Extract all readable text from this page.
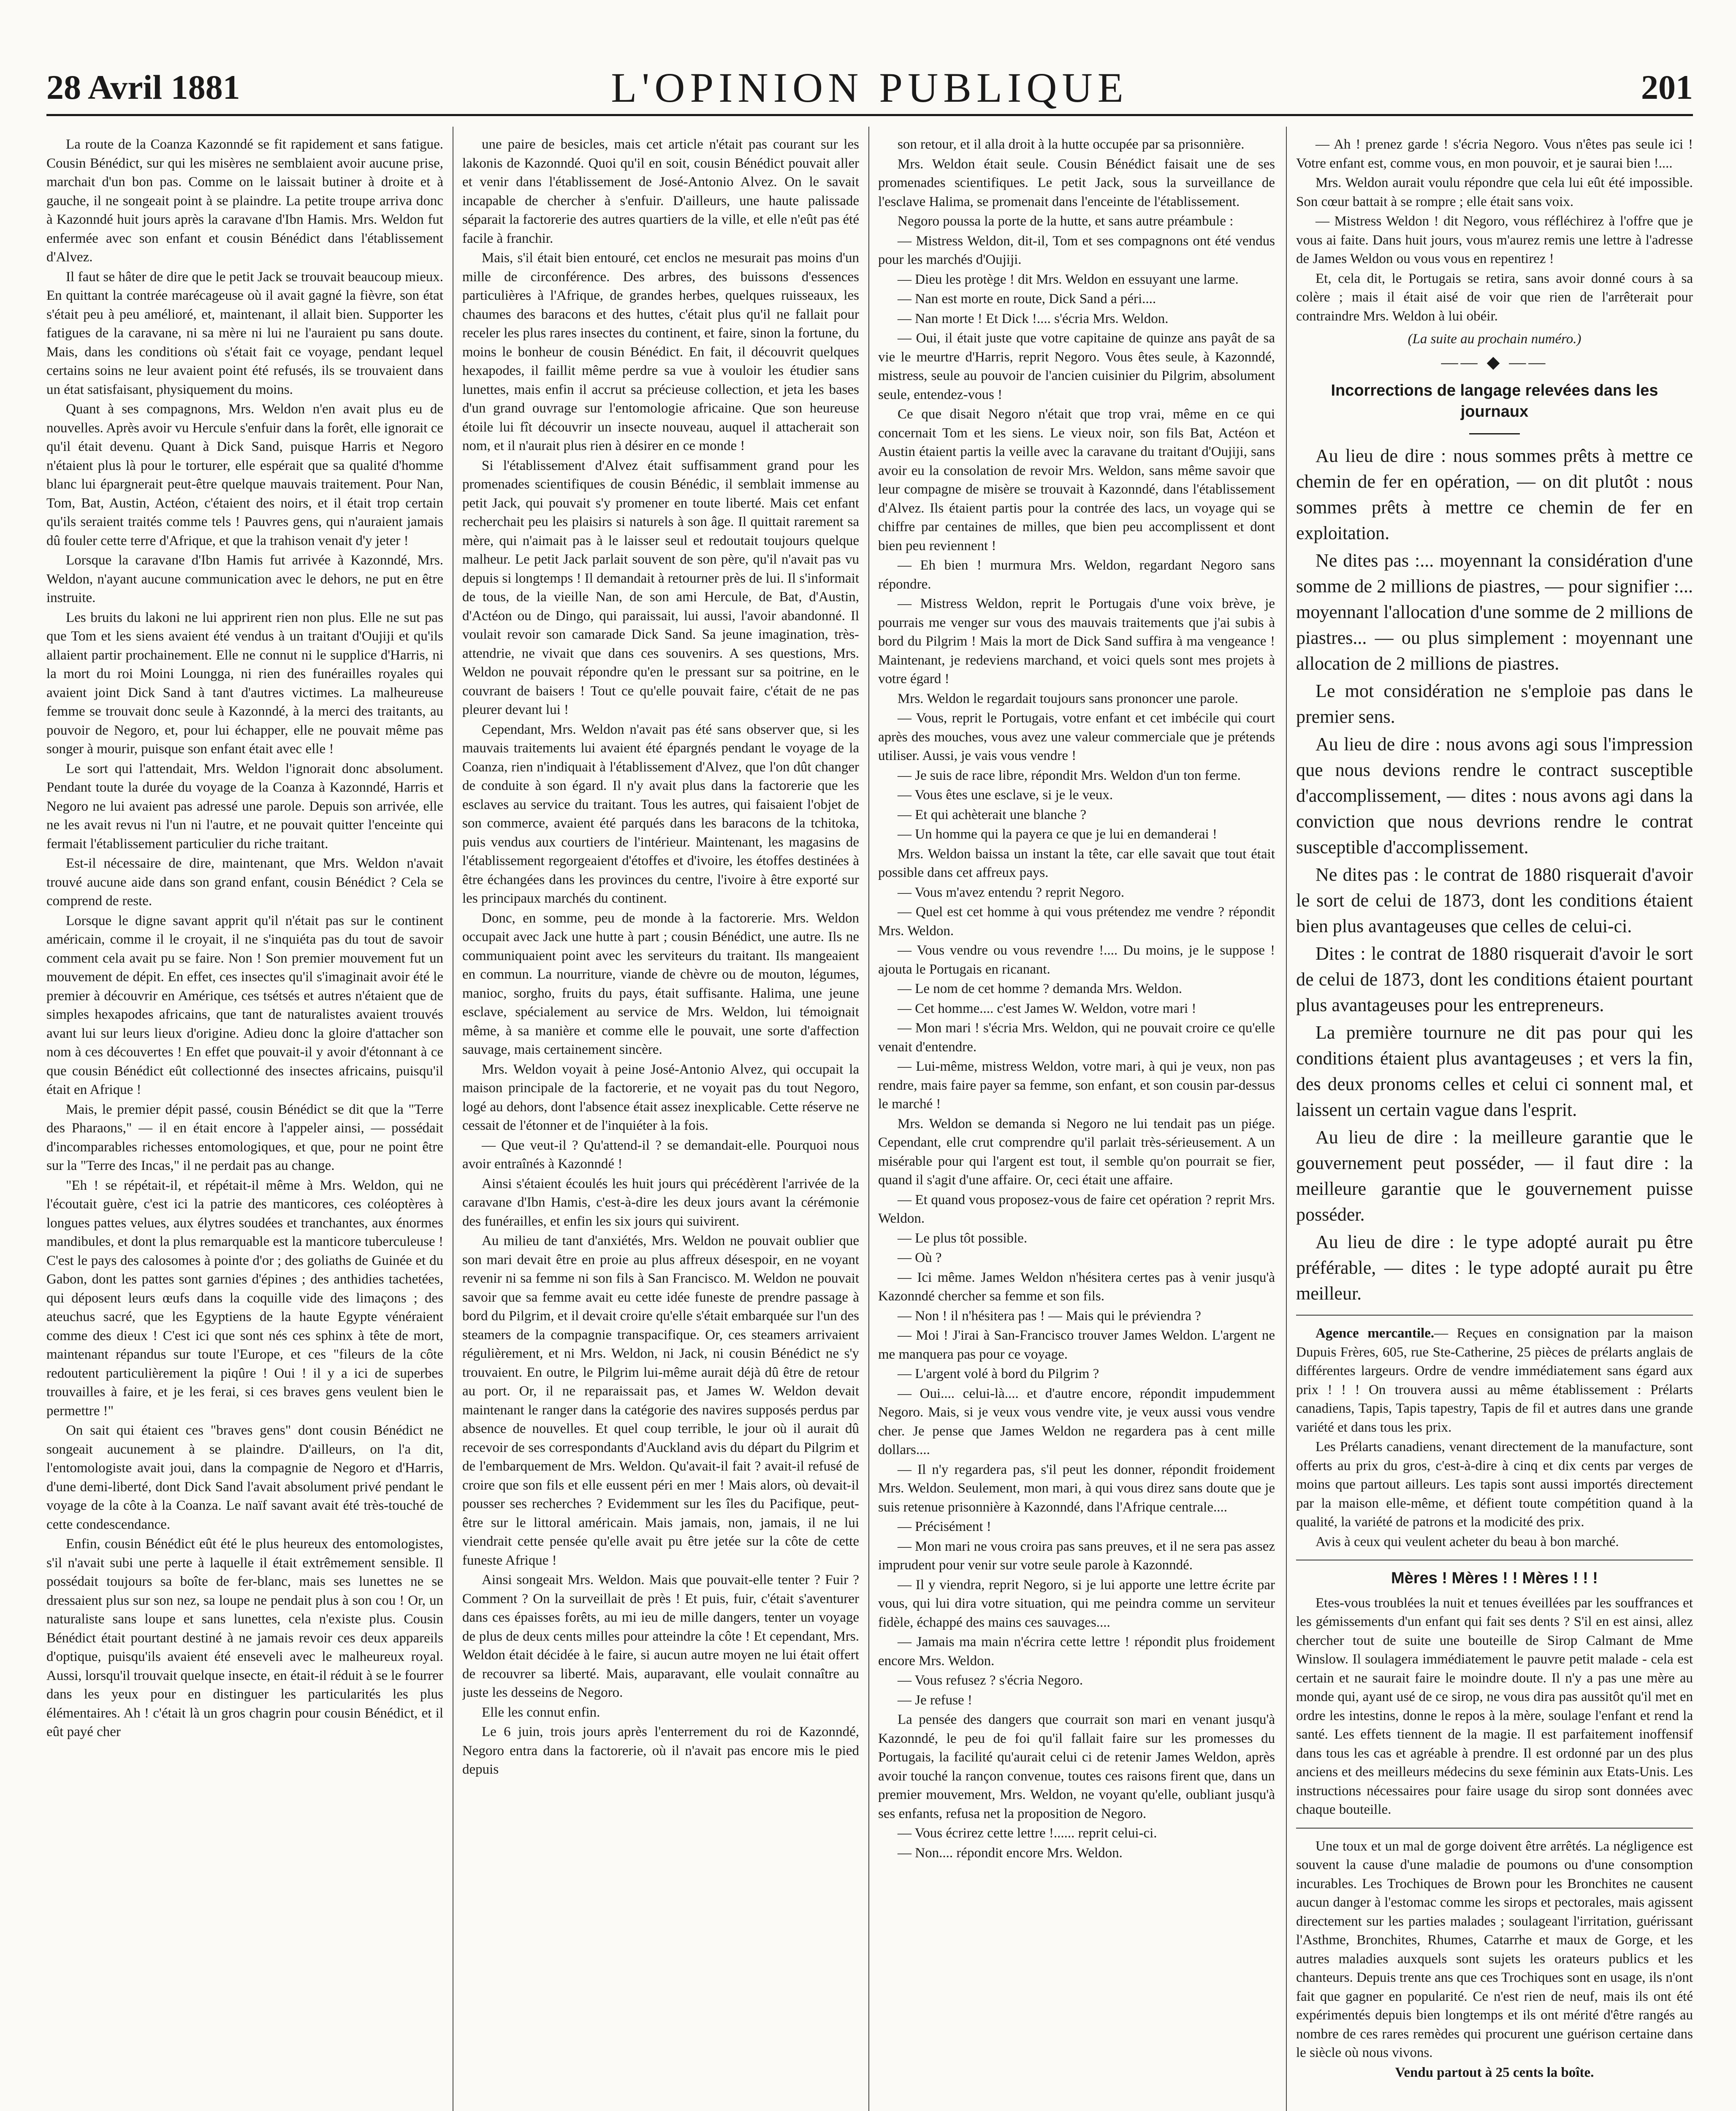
28 Avril 1881	L'OPINION PUBLIQUE	201

La route de la Coanza Kazonndé se fit rapidement et sans fatigue. Cousin Bénédict, sur qui les misères ne semblaient avoir aucune prise, marchait d'un bon pas. Comme on le laissait butiner à droite et à gauche, il ne songeait point à se plaindre. La petite troupe arriva donc à Kazonndé huit jours après la caravane d'Ibn Hamis. Mrs. Weldon fut enfermée avec son enfant et cousin Bénédict dans l'établissement d'Alvez.

Il faut se hâter de dire que le petit Jack se trouvait beaucoup mieux. En quittant la contrée marécageuse où il avait gagné la fièvre, son état s'était peu à peu amélioré, et, maintenant, il allait bien. Supporter les fatigues de la caravane, ni sa mère ni lui ne l'auraient pu sans doute. Mais, dans les conditions où s'était fait ce voyage, pendant lequel certains soins ne leur avaient point été refusés, ils se trouvaient dans un état satisfaisant, physiquement du moins.

Quant à ses compagnons, Mrs. Weldon n'en avait plus eu de nouvelles. Après avoir vu Hercule s'enfuir dans la forêt, elle ignorait ce qu'il était devenu. Quant à Dick Sand, puisque Harris et Negoro n'étaient plus là pour le torturer, elle espérait que sa qualité d'homme blanc lui épargnerait peut-être quelque mauvais traitement. Pour Nan, Tom, Bat, Austin, Actéon, c'étaient des noirs, et il était trop certain qu'ils seraient traités comme tels ! Pauvres gens, qui n'auraient jamais dû fouler cette terre d'Afrique, et que la trahison venait d'y jeter !

Lorsque la caravane d'Ibn Hamis fut arrivée à Kazonndé, Mrs. Weldon, n'ayant aucune communication avec le dehors, ne put en être instruite.

Les bruits du lakoni ne lui apprirent rien non plus. Elle ne sut pas que Tom et les siens avaient été vendus à un traitant d'Oujiji et qu'ils allaient partir prochainement. Elle ne connut ni le supplice d'Harris, ni la mort du roi Moini Loungga, ni rien des funérailles royales qui avaient joint Dick Sand à tant d'autres victimes. La malheureuse femme se trouvait donc seule à Kazonndé, à la merci des traitants, au pouvoir de Negoro, et, pour lui échapper, elle ne pouvait même pas songer à mourir, puisque son enfant était avec elle !

Le sort qui l'attendait, Mrs. Weldon l'ignorait donc absolument. Pendant toute la durée du voyage de la Coanza à Kazonndé, Harris et Negoro ne lui avaient pas adressé une parole. Depuis son arrivée, elle ne les avait revus ni l'un ni l'autre, et ne pouvait quitter l'enceinte qui fermait l'établissement particulier du riche traitant.

Est-il nécessaire de dire, maintenant, que Mrs. Weldon n'avait trouvé aucune aide dans son grand enfant, cousin Bénédict ? Cela se comprend de reste.

Lorsque le digne savant apprit qu'il n'était pas sur le continent américain, comme il le croyait, il ne s'inquiéta pas du tout de savoir comment cela avait pu se faire. Non ! Son premier mouvement fut un mouvement de dépit. En effet, ces insectes qu'il s'imaginait avoir été le premier à découvrir en Amérique, ces tsétsés et autres n'étaient que de simples hexapodes africains, que tant de naturalistes avaient trouvés avant lui sur leurs lieux d'origine. Adieu donc la gloire d'attacher son nom à ces découvertes ! En effet que pouvait-il y avoir d'étonnant à ce que cousin Bénédict eût collectionné des insectes africains, puisqu'il était en Afrique !

Mais, le premier dépit passé, cousin Bénédict se dit que la "Terre des Pharaons," — il en était encore à l'appeler ainsi, — possédait d'incomparables richesses entomologiques, et que, pour ne point être sur la "Terre des Incas," il ne perdait pas au change.

"Eh ! se répétait-il, et répétait-il même à Mrs. Weldon, qui ne l'écoutait guère, c'est ici la patrie des manticores, ces coléoptères à longues pattes velues, aux élytres soudées et tranchantes, aux énormes mandibules, et dont la plus remarquable est la manticore tuberculeuse ! C'est le pays des calosomes à pointe d'or ; des goliaths de Guinée et du Gabon, dont les pattes sont garnies d'épines ; des anthidies tachetées, qui déposent leurs œufs dans la coquille vide des limaçons ; des ateuchus sacré, que les Egyptiens de la haute Egypte vénéraient comme des dieux ! C'est ici que sont nés ces sphinx à tête de mort, maintenant répandus sur toute l'Europe, et ces "fileurs de la côte redoutent particulièrement la piqûre ! Oui ! il y a ici de superbes trouvailles à faire, et je les ferai, si ces braves gens veulent bien le permettre !"

On sait qui étaient ces "braves gens" dont cousin Bénédict ne songeait aucunement à se plaindre. D'ailleurs, on l'a dit, l'entomologiste avait joui, dans la compagnie de Negoro et d'Harris, d'une demi-liberté, dont Dick Sand l'avait absolument privé pendant le voyage de la côte à la Coanza. Le naïf savant avait été très-touché de cette condescendance.

Enfin, cousin Bénédict eût été le plus heureux des entomologistes, s'il n'avait subi une perte à laquelle il était extrêmement sensible. Il possédait toujours sa boîte de fer-blanc, mais ses lunettes ne se dressaient plus sur son nez, sa loupe ne pendait plus à son cou ! Or, un naturaliste sans loupe et sans lunettes, cela n'existe plus. Cousin Bénédict était pourtant destiné à ne jamais revoir ces deux appareils d'optique, puisqu'ils avaient été enseveli avec le malheureux royal. Aussi, lorsqu'il trouvait quelque insecte, en était-il réduit à se le fourrer dans les yeux pour en distinguer les particularités les plus élémentaires. Ah ! c'était là un gros chagrin pour cousin Bénédict, et il eût payé cher

une paire de besicles, mais cet article n'était pas courant sur les lakonis de Kazonndé. Quoi qu'il en soit, cousin Bénédict pouvait aller et venir dans l'établissement de José-Antonio Alvez. On le savait incapable de chercher à s'enfuir. D'ailleurs, une haute palissade séparait la factorerie des autres quartiers de la ville, et elle n'eût pas été facile à franchir.

Mais, s'il était bien entouré, cet enclos ne mesurait pas moins d'un mille de circonférence. Des arbres, des buissons d'essences particulières à l'Afrique, de grandes herbes, quelques ruisseaux, les chaumes des baracons et des huttes, c'était plus qu'il ne fallait pour receler les plus rares insectes du continent, et faire, sinon la fortune, du moins le bonheur de cousin Bénédict. En fait, il découvrit quelques hexapodes, il faillit même perdre sa vue à vouloir les étudier sans lunettes, mais enfin il accrut sa précieuse collection, et jeta les bases d'un grand ouvrage sur l'entomologie africaine. Que son heureuse étoile lui fît découvrir un insecte nouveau, auquel il attacherait son nom, et il n'aurait plus rien à désirer en ce monde !

Si l'établissement d'Alvez était suffisamment grand pour les promenades scientifiques de cousin Bénédic, il semblait immense au petit Jack, qui pouvait s'y promener en toute liberté. Mais cet enfant recherchait peu les plaisirs si naturels à son âge. Il quittait rarement sa mère, qui n'aimait pas à le laisser seul et redoutait toujours quelque malheur. Le petit Jack parlait souvent de son père, qu'il n'avait pas vu depuis si longtemps ! Il demandait à retourner près de lui. Il s'informait de tous, de la vieille Nan, de son ami Hercule, de Bat, d'Austin, d'Actéon ou de Dingo, qui paraissait, lui aussi, l'avoir abandonné. Il voulait revoir son camarade Dick Sand. Sa jeune imagination, très-attendrie, ne vivait que dans ces souvenirs. A ses questions, Mrs. Weldon ne pouvait répondre qu'en le pressant sur sa poitrine, en le couvrant de baisers ! Tout ce qu'elle pouvait faire, c'était de ne pas pleurer devant lui !

Cependant, Mrs. Weldon n'avait pas été sans observer que, si les mauvais traitements lui avaient été épargnés pendant le voyage de la Coanza, rien n'indiquait à l'établissement d'Alvez, que l'on dût changer de conduite à son égard. Il n'y avait plus dans la factorerie que les esclaves au service du traitant. Tous les autres, qui faisaient l'objet de son commerce, avaient été parqués dans les baracons de la tchitoka, puis vendus aux courtiers de l'intérieur. Maintenant, les magasins de l'établissement regorgeaient d'étoffes et d'ivoire, les étoffes destinées à être échangées dans les provinces du centre, l'ivoire à être exporté sur les principaux marchés du continent.

Donc, en somme, peu de monde à la factorerie. Mrs. Weldon occupait avec Jack une hutte à part ; cousin Bénédict, une autre. Ils ne communiquaient point avec les serviteurs du traitant. Ils mangeaient en commun. La nourriture, viande de chèvre ou de mouton, légumes, manioc, sorgho, fruits du pays, était suffisante. Halima, une jeune esclave, spécialement au service de Mrs. Weldon, lui témoignait même, à sa manière et comme elle le pouvait, une sorte d'affection sauvage, mais certainement sincère.

Mrs. Weldon voyait à peine José-Antonio Alvez, qui occupait la maison principale de la factorerie, et ne voyait pas du tout Negoro, logé au dehors, dont l'absence était assez inexplicable. Cette réserve ne cessait de l'étonner et de l'inquiéter à la fois.

— Que veut-il ? Qu'attend-il ? se demandait-elle. Pourquoi nous avoir entraînés à Kazonndé !

Ainsi s'étaient écoulés les huit jours qui précédèrent l'arrivée de la caravane d'Ibn Hamis, c'est-à-dire les deux jours avant la cérémonie des funérailles, et enfin les six jours qui suivirent.

Au milieu de tant d'anxiétés, Mrs. Weldon ne pouvait oublier que son mari devait être en proie au plus affreux désespoir, en ne voyant revenir ni sa femme ni son fils à San Francisco. M. Weldon ne pouvait savoir que sa femme avait eu cette idée funeste de prendre passage à bord du Pilgrim, et il devait croire qu'elle s'était embarquée sur l'un des steamers de la compagnie transpacifique. Or, ces steamers arrivaient régulièrement, et ni Mrs. Weldon, ni Jack, ni cousin Bénédict ne s'y trouvaient. En outre, le Pilgrim lui-même aurait déjà dû être de retour au port. Or, il ne reparaissait pas, et James W. Weldon devait maintenant le ranger dans la catégorie des navires supposés perdus par absence de nouvelles. Et quel coup terrible, le jour où il aurait dû recevoir de ses correspondants d'Auckland avis du départ du Pilgrim et de l'embarquement de Mrs. Weldon. Qu'avait-il fait ? avait-il refusé de croire que son fils et elle eussent péri en mer ! Mais alors, où devait-il pousser ses recherches ? Evidemment sur les îles du Pacifique, peut-être sur le littoral américain. Mais jamais, non, jamais, il ne lui viendrait cette pensée qu'elle avait pu être jetée sur la côte de cette funeste Afrique !

Ainsi songeait Mrs. Weldon. Mais que pouvait-elle tenter ? Fuir ? Comment ? On la surveillait de près ! Et puis, fuir, c'était s'aventurer dans ces épaisses forêts, au mi ieu de mille dangers, tenter un voyage de plus de deux cents milles pour atteindre la côte ! Et cependant, Mrs. Weldon était décidée à le faire, si aucun autre moyen ne lui était offert de recouvrer sa liberté. Mais, auparavant, elle voulait connaître au juste les desseins de Negoro.

Elle les connut enfin.

Le 6 juin, trois jours après l'enterrement du roi de Kazonndé, Negoro entra dans la factorerie, où il n'avait pas encore mis le pied depuis

son retour, et il alla droit à la hutte occupée par sa prisonnière.

Mrs. Weldon était seule. Cousin Bénédict faisait une de ses promenades scientifiques. Le petit Jack, sous la surveillance de l'esclave Halima, se promenait dans l'enceinte de l'établissement.

Negoro poussa la porte de la hutte, et sans autre préambule :

— Mistress Weldon, dit-il, Tom et ses compagnons ont été vendus pour les marchés d'Oujiji.

— Dieu les protège ! dit Mrs. Weldon en essuyant une larme.

— Nan est morte en route, Dick Sand a péri....

— Nan morte ! Et Dick !.... s'écria Mrs. Weldon.

— Oui, il était juste que votre capitaine de quinze ans payât de sa vie le meurtre d'Harris, reprit Negoro. Vous êtes seule, à Kazonndé, mistress, seule au pouvoir de l'ancien cuisinier du Pilgrim, absolument seule, entendez-vous !

Ce que disait Negoro n'était que trop vrai, même en ce qui concernait Tom et les siens. Le vieux noir, son fils Bat, Actéon et Austin étaient partis la veille avec la caravane du traitant d'Oujiji, sans avoir eu la consolation de revoir Mrs. Weldon, sans même savoir que leur compagne de misère se trouvait à Kazonndé, dans l'établissement d'Alvez. Ils étaient partis pour la contrée des lacs, un voyage qui se chiffre par centaines de milles, que bien peu accomplissent et dont bien peu reviennent !

— Eh bien ! murmura Mrs. Weldon, regardant Negoro sans répondre.

— Mistress Weldon, reprit le Portugais d'une voix brève, je pourrais me venger sur vous des mauvais traitements que j'ai subis à bord du Pilgrim ! Mais la mort de Dick Sand suffira à ma vengeance ! Maintenant, je redeviens marchand, et voici quels sont mes projets à votre égard !

Mrs. Weldon le regardait toujours sans prononcer une parole.

— Vous, reprit le Portugais, votre enfant et cet imbécile qui court après des mouches, vous avez une valeur commerciale que je prétends utiliser. Aussi, je vais vous vendre !

— Je suis de race libre, répondit Mrs. Weldon d'un ton ferme.

— Vous êtes une esclave, si je le veux.

— Et qui achèterait une blanche ?

— Un homme qui la payera ce que je lui en demanderai !

Mrs. Weldon baissa un instant la tête, car elle savait que tout était possible dans cet affreux pays.

— Vous m'avez entendu ? reprit Negoro.

— Quel est cet homme à qui vous prétendez me vendre ? répondit Mrs. Weldon.

— Vous vendre ou vous revendre !.... Du moins, je le suppose ! ajouta le Portugais en ricanant.

— Le nom de cet homme ? demanda Mrs. Weldon.

— Cet homme.... c'est James W. Weldon, votre mari !

— Mon mari ! s'écria Mrs. Weldon, qui ne pouvait croire ce qu'elle venait d'entendre.

— Lui-même, mistress Weldon, votre mari, à qui je veux, non pas rendre, mais faire payer sa femme, son enfant, et son cousin par-dessus le marché !

Mrs. Weldon se demanda si Negoro ne lui tendait pas un piége. Cependant, elle crut comprendre qu'il parlait très-sérieusement. A un misérable pour qui l'argent est tout, il semble qu'on pourrait se fier, quand il s'agit d'une affaire. Or, ceci était une affaire.

— Et quand vous proposez-vous de faire cet opération ? reprit Mrs. Weldon.

— Le plus tôt possible.

— Où ?

— Ici même. James Weldon n'hésitera certes pas à venir jusqu'à Kazonndé chercher sa femme et son fils.

— Non ! il n'hésitera pas ! — Mais qui le préviendra ?

— Moi ! J'irai à San-Francisco trouver James Weldon. L'argent ne me manquera pas pour ce voyage.

— L'argent volé à bord du Pilgrim ?

— Oui.... celui-là.... et d'autre encore, répondit impudemment Negoro. Mais, si je veux vous vendre vite, je veux aussi vous vendre cher. Je pense que James Weldon ne regardera pas à cent mille dollars....

— Il n'y regardera pas, s'il peut les donner, répondit froidement Mrs. Weldon. Seulement, mon mari, à qui vous direz sans doute que je suis retenue prisonnière à Kazonndé, dans l'Afrique centrale....

— Précisément !

— Mon mari ne vous croira pas sans preuves, et il ne sera pas assez imprudent pour venir sur votre seule parole à Kazonndé.

— Il y viendra, reprit Negoro, si je lui apporte une lettre écrite par vous, qui lui dira votre situation, qui me peindra comme un serviteur fidèle, échappé des mains ces sauvages....

— Jamais ma main n'écrira cette lettre ! répondit plus froidement encore Mrs. Weldon.

— Vous refusez ? s'écria Negoro.

— Je refuse !

La pensée des dangers que courrait son mari en venant jusqu'à Kazonndé, le peu de foi qu'il fallait faire sur les promesses du Portugais, la facilité qu'aurait celui ci de retenir James Weldon, après avoir touché la rançon convenue, toutes ces raisons firent que, dans un premier mouvement, Mrs. Weldon, ne voyant qu'elle, oubliant jusqu'à ses enfants, refusa net la proposition de Negoro.

— Vous écrirez cette lettre !...... reprit celui-ci.

— Non.... répondit encore Mrs. Weldon.

— Ah ! prenez garde ! s'écria Negoro. Vous n'êtes pas seule ici ! Votre enfant est, comme vous, en mon pouvoir, et je saurai bien !....

Mrs. Weldon aurait voulu répondre que cela lui eût été impossible. Son cœur battait à se rompre ; elle était sans voix.

— Mistress Weldon ! dit Negoro, vous réfléchirez à l'offre que je vous ai faite. Dans huit jours, vous m'aurez remis une lettre à l'adresse de James Weldon ou vous vous en repentirez !

Et, cela dit, le Portugais se retira, sans avoir donné cours à sa colère ; mais il était aisé de voir que rien de l'arrêterait pour contraindre Mrs. Weldon à lui obéir.

(La suite au prochain numéro.)

—— ◆ ——
Incorrections de langage relevées dans les journaux

Au lieu de dire : nous sommes prêts à mettre ce chemin de fer en opération, — on dit plutôt : nous sommes prêts à mettre ce chemin de fer en exploitation.

Ne dites pas :... moyennant la considération d'une somme de 2 millions de piastres, — pour signifier :... moyennant l'allocation d'une somme de 2 millions de piastres... — ou plus simplement : moyennant une allocation de 2 millions de piastres.

Le mot considération ne s'emploie pas dans le premier sens.

Au lieu de dire : nous avons agi sous l'impression que nous devions rendre le contract susceptible d'accomplissement, — dites : nous avons agi dans la conviction que nous devrions rendre le contrat susceptible d'accomplissement.

Ne dites pas : le contrat de 1880 risquerait d'avoir le sort de celui de 1873, dont les conditions étaient bien plus avantageuses que celles de celui-ci.

Dites : le contrat de 1880 risquerait d'avoir le sort de celui de 1873, dont les conditions étaient pourtant plus avantageuses pour les entrepreneurs.

La première tournure ne dit pas pour qui les conditions étaient plus avantageuses ; et vers la fin, des deux pronoms celles et celui ci sonnent mal, et laissent un certain vague dans l'esprit.

Au lieu de dire : la meilleure garantie que le gouvernement peut posséder, — il faut dire : la meilleure garantie que le gouvernement puisse posséder.

Au lieu de dire : le type adopté aurait pu être préférable, — dites : le type adopté aurait pu être meilleur.

Agence mercantile.— Reçues en consignation par la maison Dupuis Frères, 605, rue Ste-Catherine, 25 pièces de prélarts anglais de différentes largeurs. Ordre de vendre immédiatement sans égard aux prix ! ! ! On trouvera aussi au même établissement : Prélarts canadiens, Tapis, Tapis tapestry, Tapis de fil et autres dans une grande variété et dans tous les prix.

Les Prélarts canadiens, venant directement de la manufacture, sont offerts au prix du gros, c'est-à-dire à cinq et dix cents par verges de moins que partout ailleurs. Les tapis sont aussi importés directement par la maison elle-même, et défient toute compétition quand à la qualité, la variété de patrons et la modicité des prix.

Avis à ceux qui veulent acheter du beau à bon marché.

Mères ! Mères ! ! Mères ! ! !

Etes-vous troublées la nuit et tenues éveillées par les souffrances et les gémissements d'un enfant qui fait ses dents ? S'il en est ainsi, allez chercher tout de suite une bouteille de Sirop Calmant de Mme Winslow. Il soulagera immédiatement le pauvre petit malade - cela est certain et ne saurait faire le moindre doute. Il n'y a pas une mère au monde qui, ayant usé de ce sirop, ne vous dira pas aussitôt qu'il met en ordre les intestins, donne le repos à la mère, soulage l'enfant et rend la santé. Les effets tiennent de la magie. Il est parfaitement inoffensif dans tous les cas et agréable à prendre. Il est ordonné par un des plus anciens et des meilleurs médecins du sexe féminin aux Etats-Unis. Les instructions nécessaires pour faire usage du sirop sont données avec chaque bouteille.

Une toux et un mal de gorge doivent être arrêtés. La négligence est souvent la cause d'une maladie de poumons ou d'une consomption incurables. Les Trochiques de Brown pour les Bronchites ne causent aucun danger à l'estomac comme les sirops et pectorales, mais agissent directement sur les parties malades ; soulageant l'irritation, guérissant l'Asthme, Bronchites, Rhumes, Catarrhe et maux de Gorge, et les autres maladies auxquels sont sujets les orateurs publics et les chanteurs. Depuis trente ans que ces Trochiques sont en usage, ils n'ont fait que gagner en popularité. Ce n'est rien de neuf, mais ils ont été expérimentés depuis bien longtemps et ils ont mérité d'être rangés au nombre de ces rares remèdes qui procurent une guérison certaine dans le siècle où nous vivons.

Vendu partout à 25 cents la boîte.
